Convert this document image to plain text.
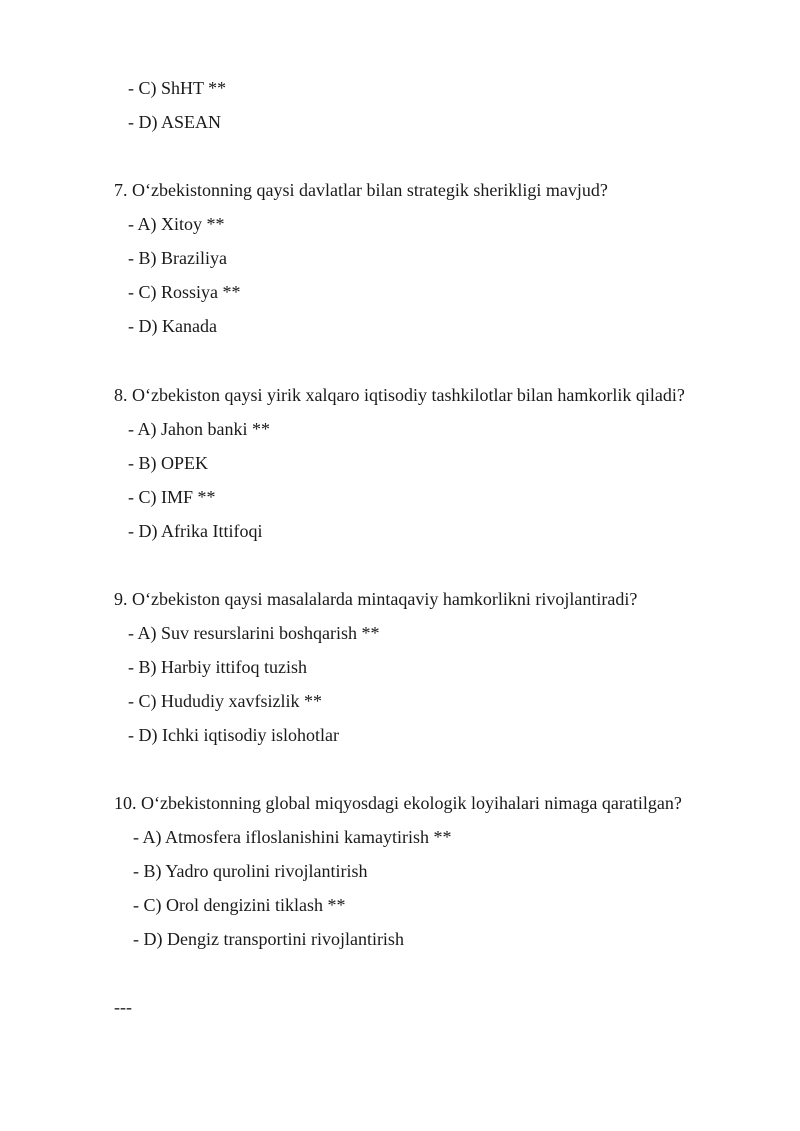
- C) ShHT **
- D) ASEAN
7. O‘zbekistonning qaysi davlatlar bilan strategik sherikligi mavjud?
- A) Xitoy **
- B) Braziliya
- C) Rossiya **
- D) Kanada
8. O‘zbekiston qaysi yirik xalqaro iqtisodiy tashkilotlar bilan hamkorlik qiladi?
- A) Jahon banki **
- B) OPEK
- C) IMF **
- D) Afrika Ittifoqi
9. O‘zbekiston qaysi masalalarda mintaqaviy hamkorlikni rivojlantiradi?
- A) Suv resurslarini boshqarish **
- B) Harbiy ittifoq tuzish
- C) Hududiy xavfsizlik **
- D) Ichki iqtisodiy islohotlar
10. O‘zbekistonning global miqyosdagi ekologik loyihalari nimaga qaratilgan?
- A) Atmosfera ifloslanishini kamaytirish **
- B) Yadro qurolini rivojlantirish
- C) Orol dengizini tiklash **
- D) Dengiz transportini rivojlantirish
---
